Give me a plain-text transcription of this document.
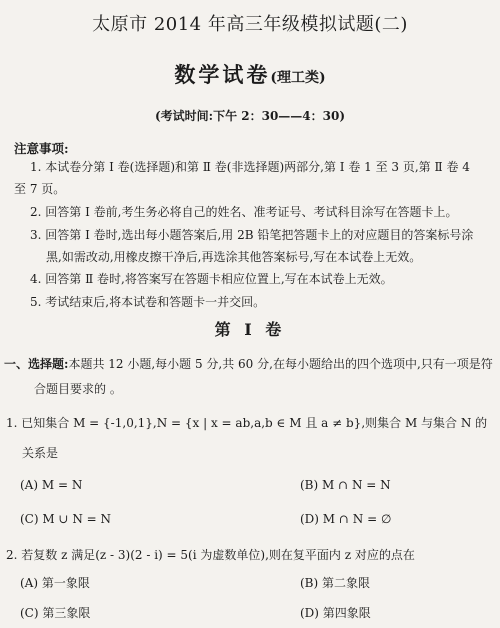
太原市 2014 年高三年级模拟试题(二)
数学试卷(理工类)
(考试时间:下午 2：30——4：30)
注意事项:
1. 本试卷分第 Ⅰ 卷(选择题)和第 Ⅱ 卷(非选择题)两部分,第 Ⅰ 卷 1 至 3 页,第 Ⅱ 卷 4
至 7 页。
2. 回答第 Ⅰ 卷前,考生务必将自己的姓名、准考证号、考试科目涂写在答题卡上。
3. 回答第 Ⅰ 卷时,选出每小题答案后,用 2B 铅笔把答题卡上的对应题目的答案标号涂
黑,如需改动,用橡皮擦干净后,再选涂其他答案标号,写在本试卷上无效。
4. 回答第 Ⅱ 卷时,将答案写在答题卡相应位置上,写在本试卷上无效。
5. 考试结束后,将本试卷和答题卡一并交回。
第 Ⅰ 卷
一、选择题:本题共 12 小题,每小题 5 分,共 60 分,在每小题给出的四个选项中,只有一项是符
合题目要求的 。
1. 已知集合 M = {-1,0,1},N = {x | x = ab,a,b ∈ M 且 a ≠ b},则集合 M 与集合 N 的
关系是
(A) M = N	(B) M ∩ N = N
(C) M ∪ N = N	(D) M ∩ N = ∅
2. 若复数 z 满足(z - 3)(2 - i) = 5(i 为虚数单位),则在复平面内 z 对应的点在
(A) 第一象限	(B) 第二象限
(C) 第三象限	(D) 第四象限
